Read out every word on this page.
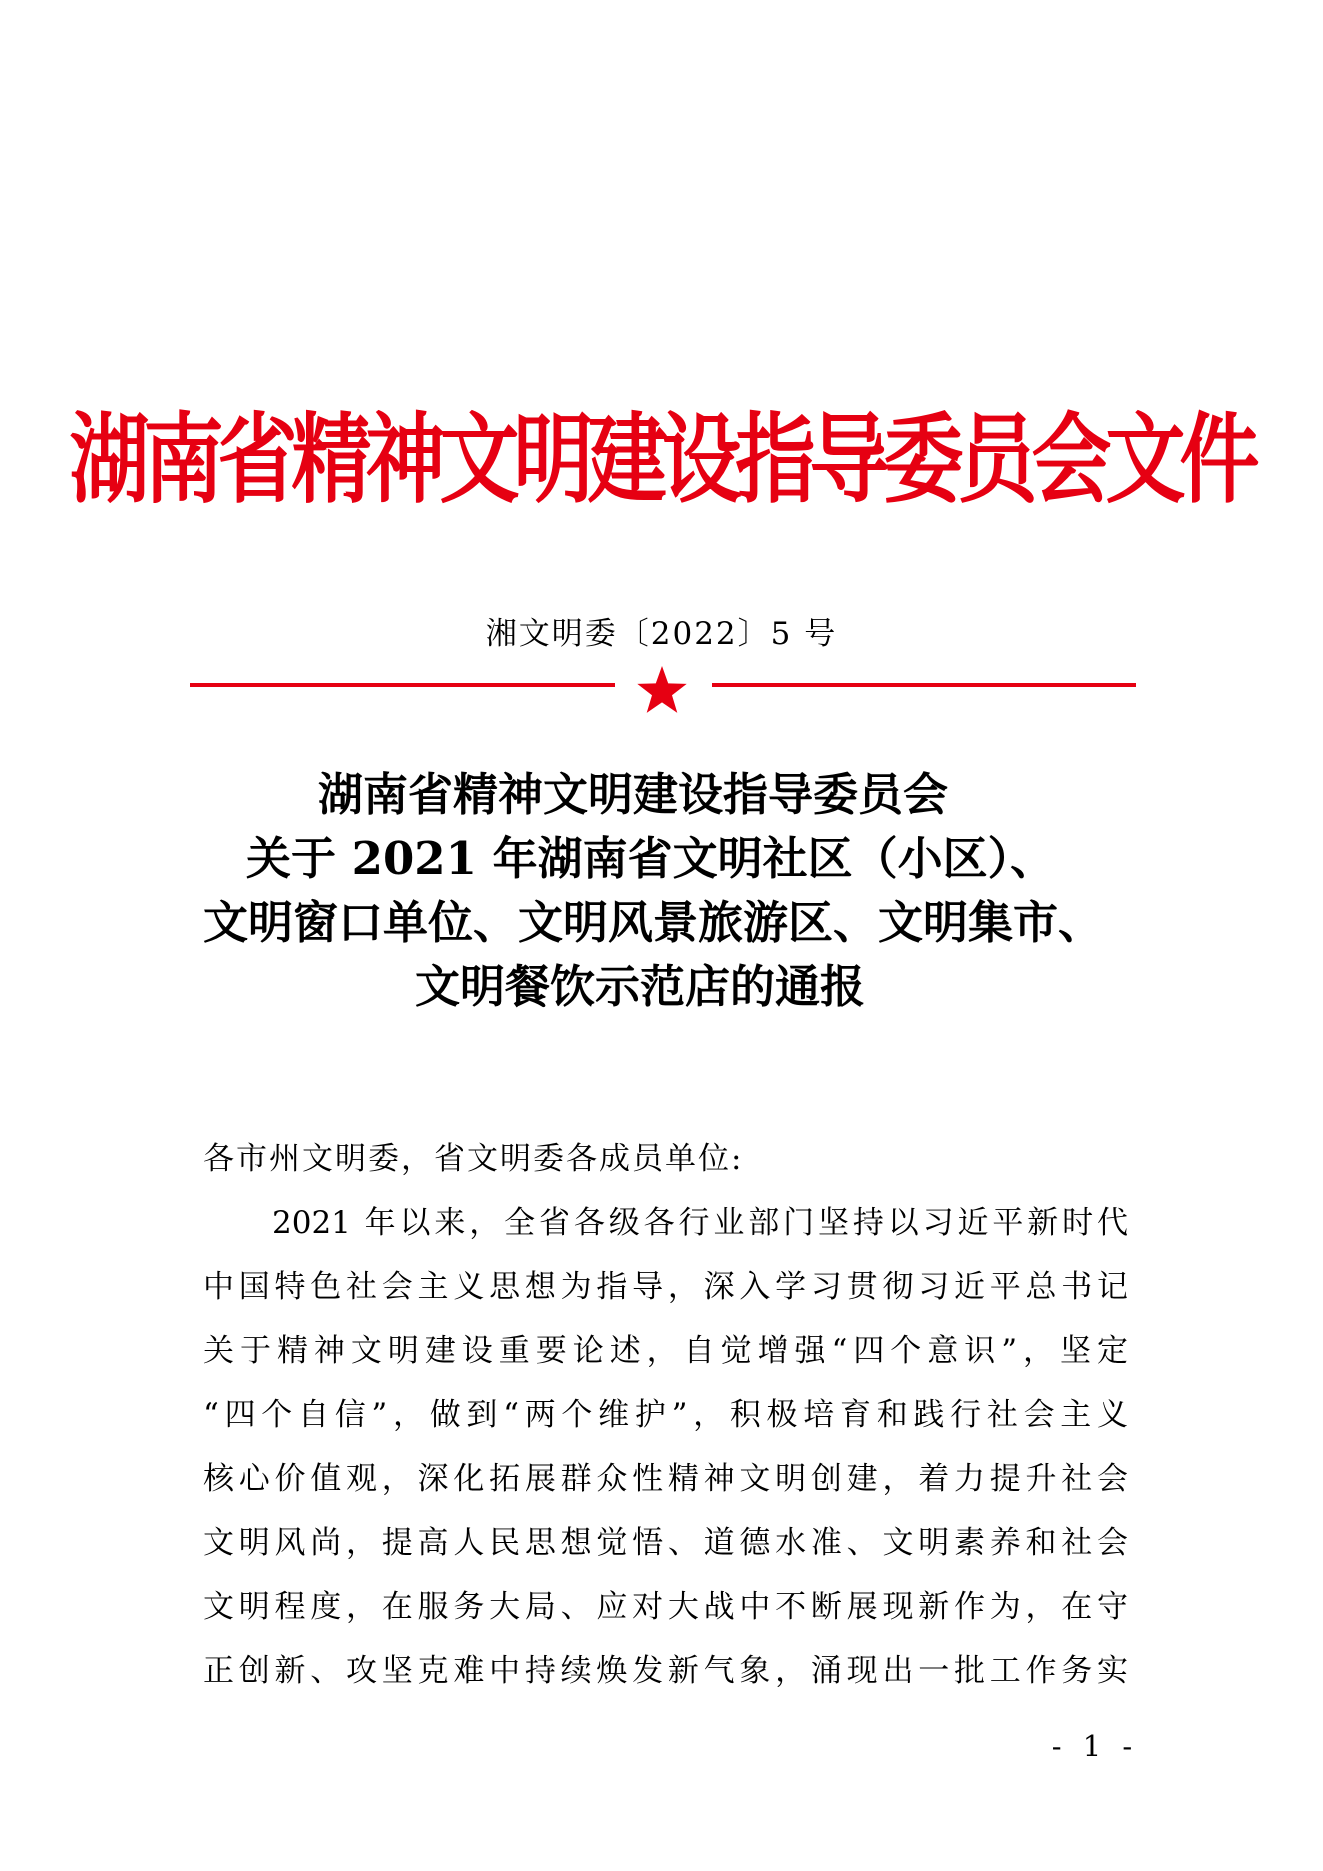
湖南省精神文明建设指导委员会文件
湘文明委〔2022〕5 号
湖南省精神文明建设指导委员会
关于 2021 年湖南省文明社区（小区）、
文明窗口单位、文明风景旅游区、文明集市、
文明餐饮示范店的通报
各市州文明委，省文明委各成员单位:
2021 年以来，全省各级各行业部门坚持以习近平新时代
中国特色社会主义思想为指导，深入学习贯彻习近平总书记
关于精神文明建设重要论述，自觉增强“四个意识”，坚定
“四个自信”，做到“两个维护”，积极培育和践行社会主义
核心价值观，深化拓展群众性精神文明创建，着力提升社会
文明风尚，提高人民思想觉悟、道德水准、文明素养和社会
文明程度，在服务大局、应对大战中不断展现新作为，在守
正创新、攻坚克难中持续焕发新气象，涌现出一批工作务实
- 1 -
